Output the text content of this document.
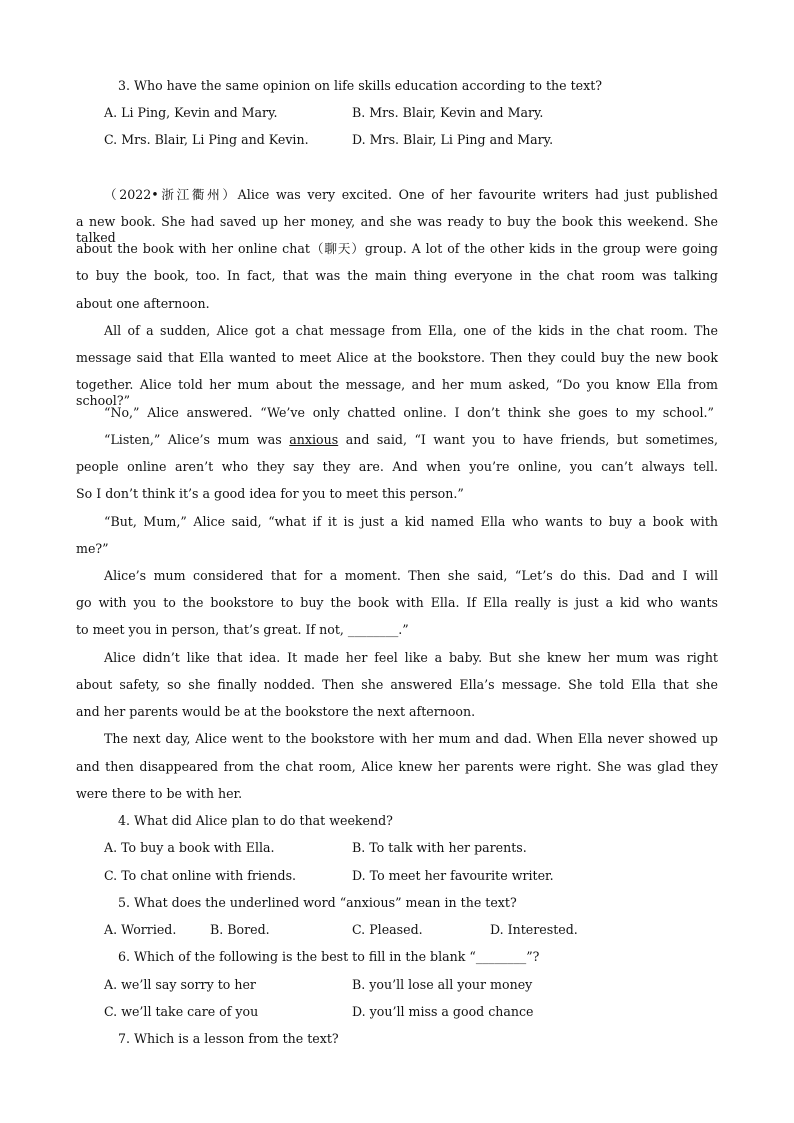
3. Who have the same opinion on life skills education according to the text?
A. Li Ping, Kevin and Mary.	B. Mrs. Blair, Kevin and Mary.
C. Mrs. Blair, Li Ping and Kevin.	D. Mrs. Blair, Li Ping and Mary.
（2022•浙江衢州）Alice was very excited. One of her favourite writers had just published
a new book. She had saved up her money, and she was ready to buy the book this weekend. She talked
about the book with her online chat（聊天）group. A lot of the other kids in the group were going
to buy the book, too. In fact, that was the main thing everyone in the chat room was talking
about one afternoon.
All of a sudden, Alice got a chat message from Ella, one of the kids in the chat room. The
message said that Ella wanted to meet Alice at the bookstore. Then they could buy the new book
together. Alice told her mum about the message, and her mum asked, “Do you know Ella from school?”
“No,” Alice answered. “We’ve only chatted online. I don’t think she goes to my school.”
“Listen,” Alice’s mum was anxious and said, “I want you to have friends, but sometimes,
people online aren’t who they say they are. And when you’re online, you can’t always tell.
So I don’t think it’s a good idea for you to meet this person.”
“But, Mum,” Alice said, “what if it is just a kid named Ella who wants to buy a book with
me?”
Alice’s mum considered that for a moment. Then she said, “Let’s do this. Dad and I will
go with you to the bookstore to buy the book with Ella. If Ella really is just a kid who wants
to meet you in person, that’s great. If not, ________.”
Alice didn’t like that idea. It made her feel like a baby. But she knew her mum was right
about safety, so she finally nodded. Then she answered Ella’s message. She told Ella that she
and her parents would be at the bookstore the next afternoon.
The next day, Alice went to the bookstore with her mum and dad. When Ella never showed up
and then disappeared from the chat room, Alice knew her parents were right. She was glad they
were there to be with her.
4. What did Alice plan to do that weekend?
A. To buy a book with Ella.	B. To talk with her parents.
C. To chat online with friends.	D. To meet her favourite writer.
5. What does the underlined word “anxious” mean in the text?
A. Worried.	B. Bored.	C. Pleased.	D. Interested.
6. Which of the following is the best to fill in the blank “________”?
A. we’ll say sorry to her	B. you’ll lose all your money
C. we’ll take care of you	D. you’ll miss a good chance
7. Which is a lesson from the text?
